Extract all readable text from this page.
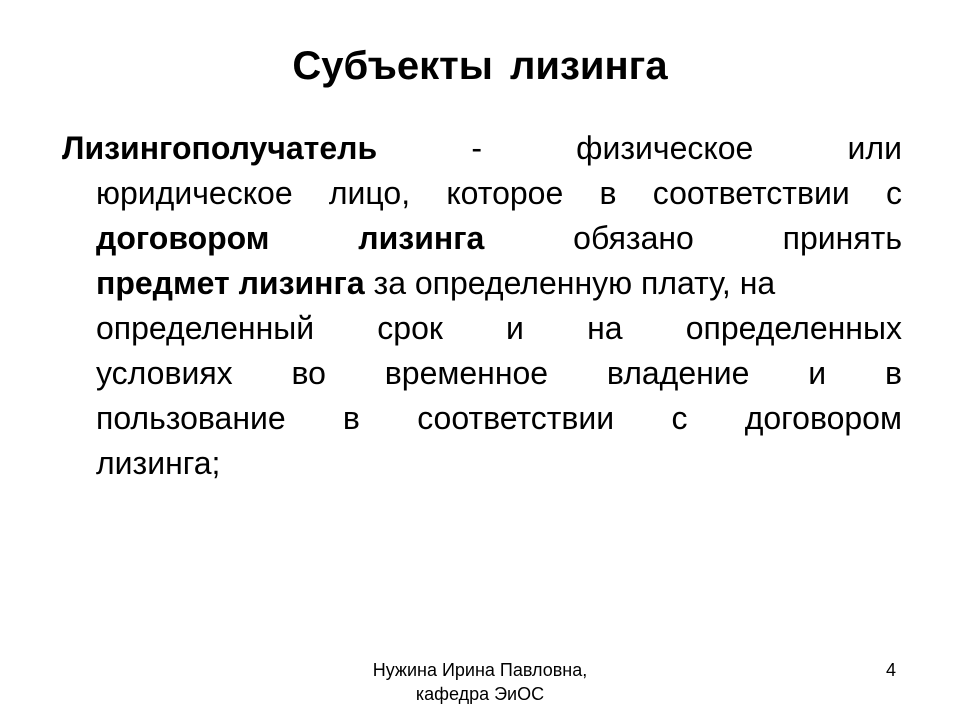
Субъекты лизинга
Лизингополучатель	-	физическое	или
юридическое лицо, которое в соответствии с
договором	лизинга	обязано	принять
предмет лизинга за определенную плату, на
определенный срок и на определенных
условиях во временное владение и в
пользование в соответствии с договором
лизинга;
Нужина Ирина Павловна,
кафедра ЭиОС
4
